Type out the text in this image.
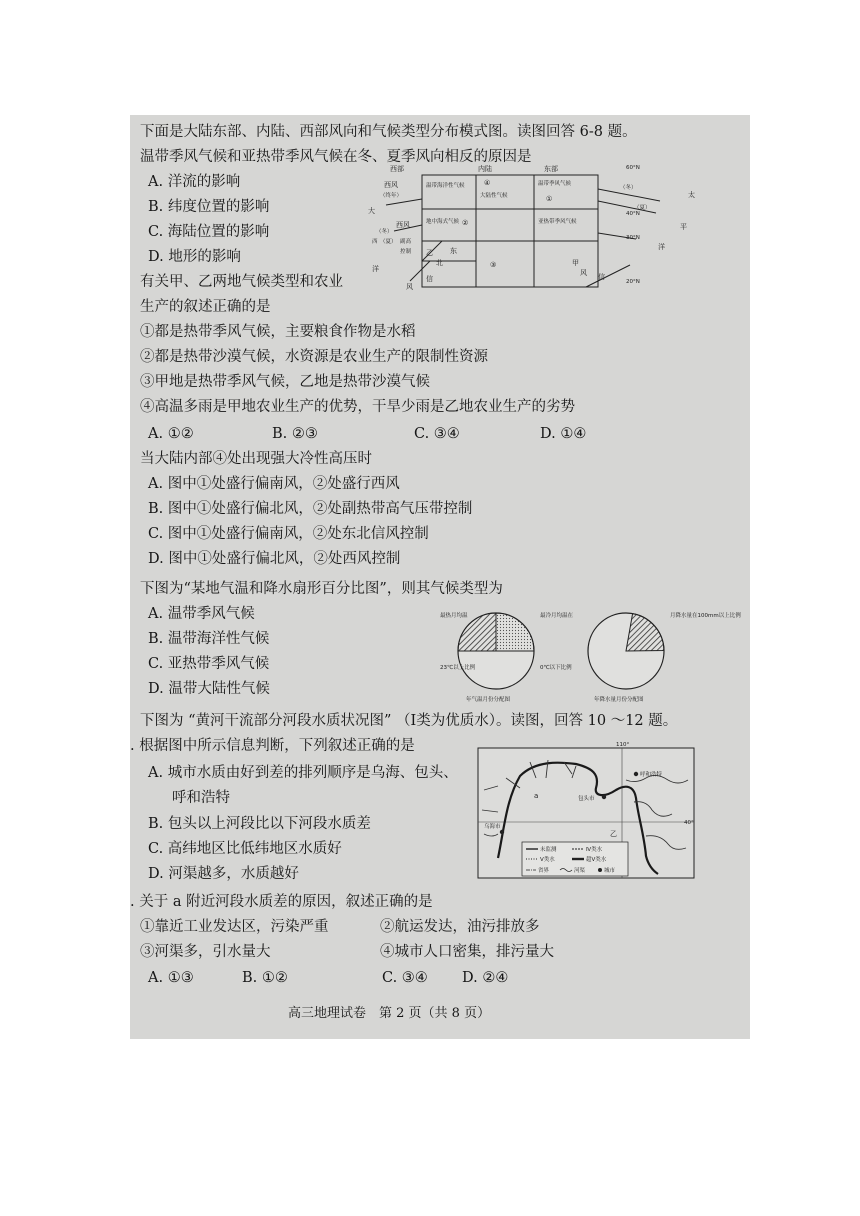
下面是大陆东部、内陆、西部风向和气候类型分布模式图。读图回答 6-8 题。
温带季风气候和亚热带季风气候在冬、夏季风向相反的原因是
A. 洋流的影响
B. 纬度位置的影响
C. 海陆位置的影响
D. 地形的影响
西部	内陆	东部
温带海洋性气候	④
大陆性气候
温带季风气候
①
地中海式气候 ②	亚热带季风气候
③
西风
（终年）
大
西风
（冬）
西 （夏） 副高
控制
洋
乙 东
北
信
风
（冬）
（夏）
太
平
洋
甲
风 信
60°N
40°N
30°N
20°N
有关甲、乙两地气候类型和农业
生产的叙述正确的是
①都是热带季风气候，主要粮食作物是水稻
②都是热带沙漠气候，水资源是农业生产的限制性资源
③甲地是热带季风气候，乙地是热带沙漠气候
④高温多雨是甲地农业生产的优势，干旱少雨是乙地农业生产的劣势
A. ①②	B. ②③	C. ③④	D. ①④
当大陆内部④处出现强大冷性高压时
A. 图中①处盛行偏南风，②处盛行西风
B. 图中①处盛行偏北风，②处副热带高气压带控制
C. 图中①处盛行偏南风，②处东北信风控制
D. 图中①处盛行偏北风，②处西风控制
下图为“某地气温和降水扇形百分比图”，则其气候类型为
A. 温带季风气候
B. 温带海洋性气候
C. 亚热带季风气候
D. 温带大陆性气候
最热月均温
23℃以上比例
最冷月均温在
0℃以下比例
年气温月份分配图
月降水量在100mm以上比例
年降水量月份分配图
下图为 “黄河干流部分河段水质状况图” （Ⅰ类为优质水）。读图，回答 10 ～12 题。
. 根据图中所示信息判断，下列叙述正确的是
A. 城市水质由好到差的排列顺序是乌海、包头、
呼和浩特
B. 包头以上河段比以下河段水质差
C. 高纬地区比低纬地区水质好
D. 河渠越多，水质越好
110°
40°
a	包头市
呼和浩特
乌海市
乙
未监测	Ⅳ类水
Ⅴ类水	超Ⅴ类水
省界	河渠	城市
. 关于 a 附近河段水质差的原因，叙述正确的是
①靠近工业发达区，污染严重	②航运发达，油污排放多
③河渠多，引水量大	④城市人口密集，排污量大
A. ①③	B. ①②	C. ③④ D. ②④
高三地理试卷　第 2 页（共 8 页）
